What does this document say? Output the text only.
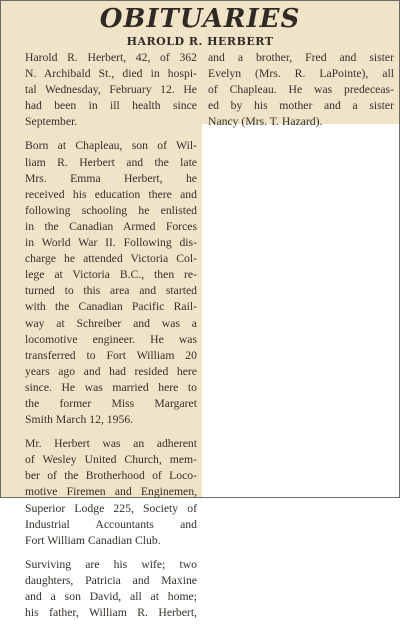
OBITUARIES
HAROLD R. HERBERT

Harold R. Herbert, 42, of 362
N. Archibald St., died in hospi-
tal Wednesday, February 12. He
had been in ill health since
September.

Born at Chapleau, son of Wil-
liam R. Herbert and the late
Mrs. Emma Herbert, he
received his education there and
following schooling he enlisted
in the Canadian Armed Forces
in World War II. Following dis-
charge he attended Victoria Col-
lege at Victoria B.C., then re-
turned to this area and started
with the Canadian Pacific Rail-
way at Schreiber and was a
locomotive engineer. He was
transferred to Fort William 20
years ago and had resided here
since. He was married here to
the former Miss Margaret
Smith March 12, 1956.

Mr. Herbert was an adherent
of Wesley United Church, mem-
ber of the Brotherhood of Loco-
motive Firemen and Enginemen,
Superior Lodge 225, Society of
Industrial Accountants and
Fort William Canadian Club.

Surviving are his wife; two
daughters, Patricia and Maxine
and a son David, all at home;
his father, William R. Herbert,

and a brother, Fred and sister
Evelyn (Mrs. R. LaPointe), all
of Chapleau. He was predeceas-
ed by his mother and a sister
Nancy (Mrs. T. Hazard).
